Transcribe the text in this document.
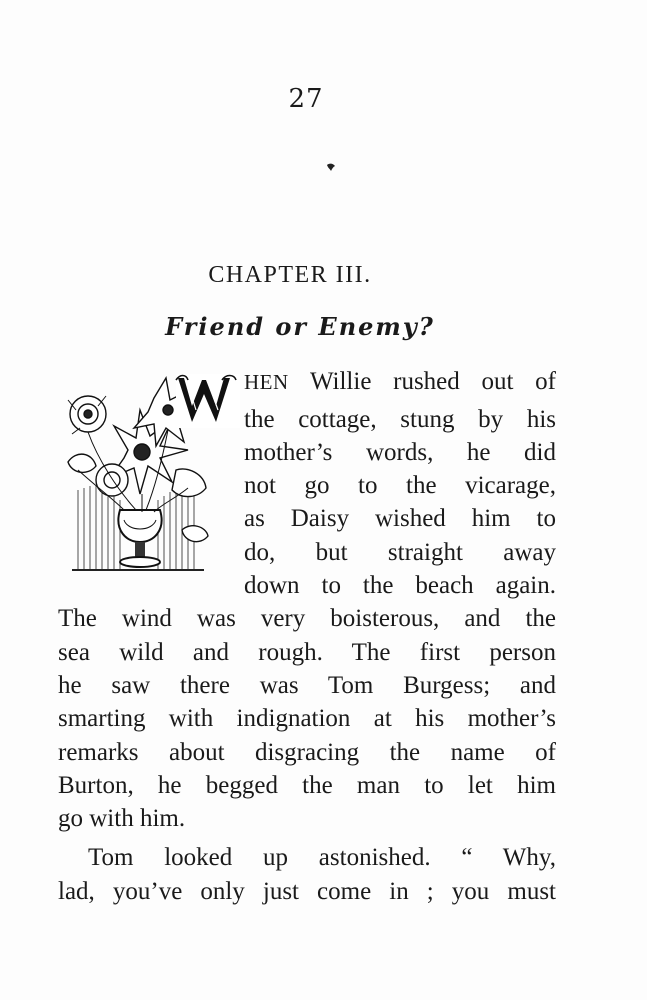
27
CHAPTER III.
Friend or Enemy?
HEN Willie rushed out of
the cottage, stung by his
mother’s words, he did
not go to the vicarage,
as Daisy wished him to
do, but straight away
down to the beach again.
The wind was very boisterous, and the
sea wild and rough. The first person
he saw there was Tom Burgess; and
smarting with indignation at his mother’s
remarks about disgracing the name of
Burton, he begged the man to let him
go with him.
Tom looked up astonished. “ Why,
lad, you’ve only just come in ; you must
